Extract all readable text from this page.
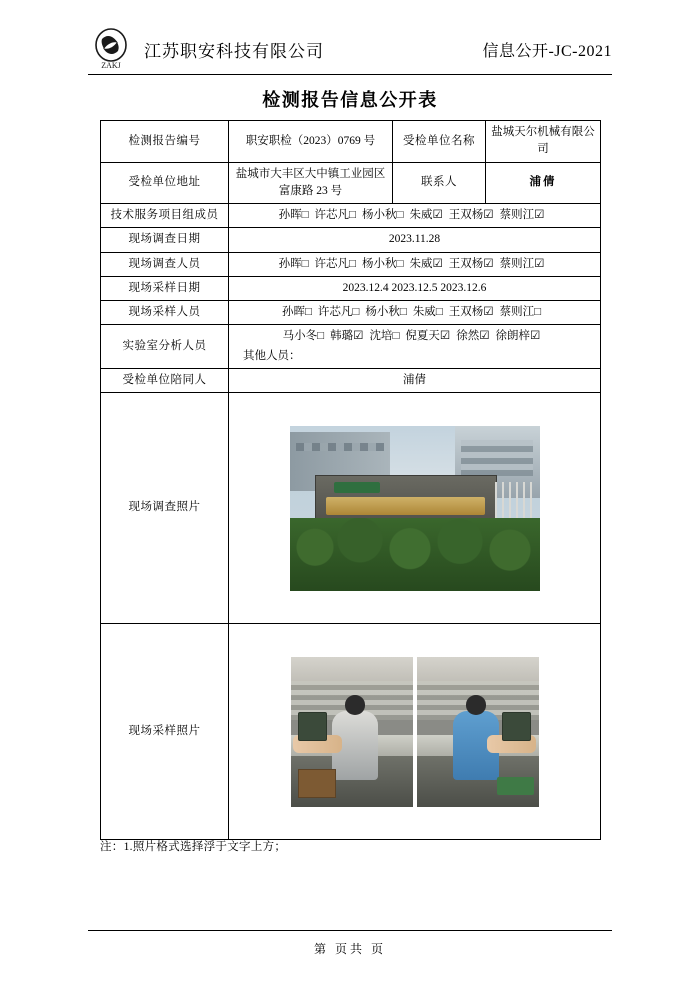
ZAKJ
江苏职安科技有限公司	信息公开-JC-2021
检测报告信息公开表
检测报告编号	职安职检（2023）0769 号	受检单位名称	盐城天尔机械有限公司
受检单位地址	盐城市大丰区大中镇工业园区富康路 23 号	联系人	浦倩
技术服务项目组成员	孙晖□ 许芯凡□ 杨小秋□ 朱威☑ 王双杨☑ 蔡则江☑		

现场调查日期	2023.11.28		
现场调查人员	孙晖□ 许芯凡□ 杨小秋□ 朱威☑ 王双杨☑ 蔡则江☑		

现场采样日期	2023.12.4 2023.12.5 2023.12.6		
现场采样人员	孙晖□ 许芯凡□ 杨小秋□ 朱威□ 王双杨☑ 蔡则江□		

实验室分析人员	马小冬□ 韩璐☑ 沈培□ 倪夏天☑ 徐然☑ 徐朗梓☑
其他人员：		

受检单位陪同人	浦倩		
现场调查照片			

现场采样照片			
注：1.照片格式选择浮于文字上方；
第 页共 页
